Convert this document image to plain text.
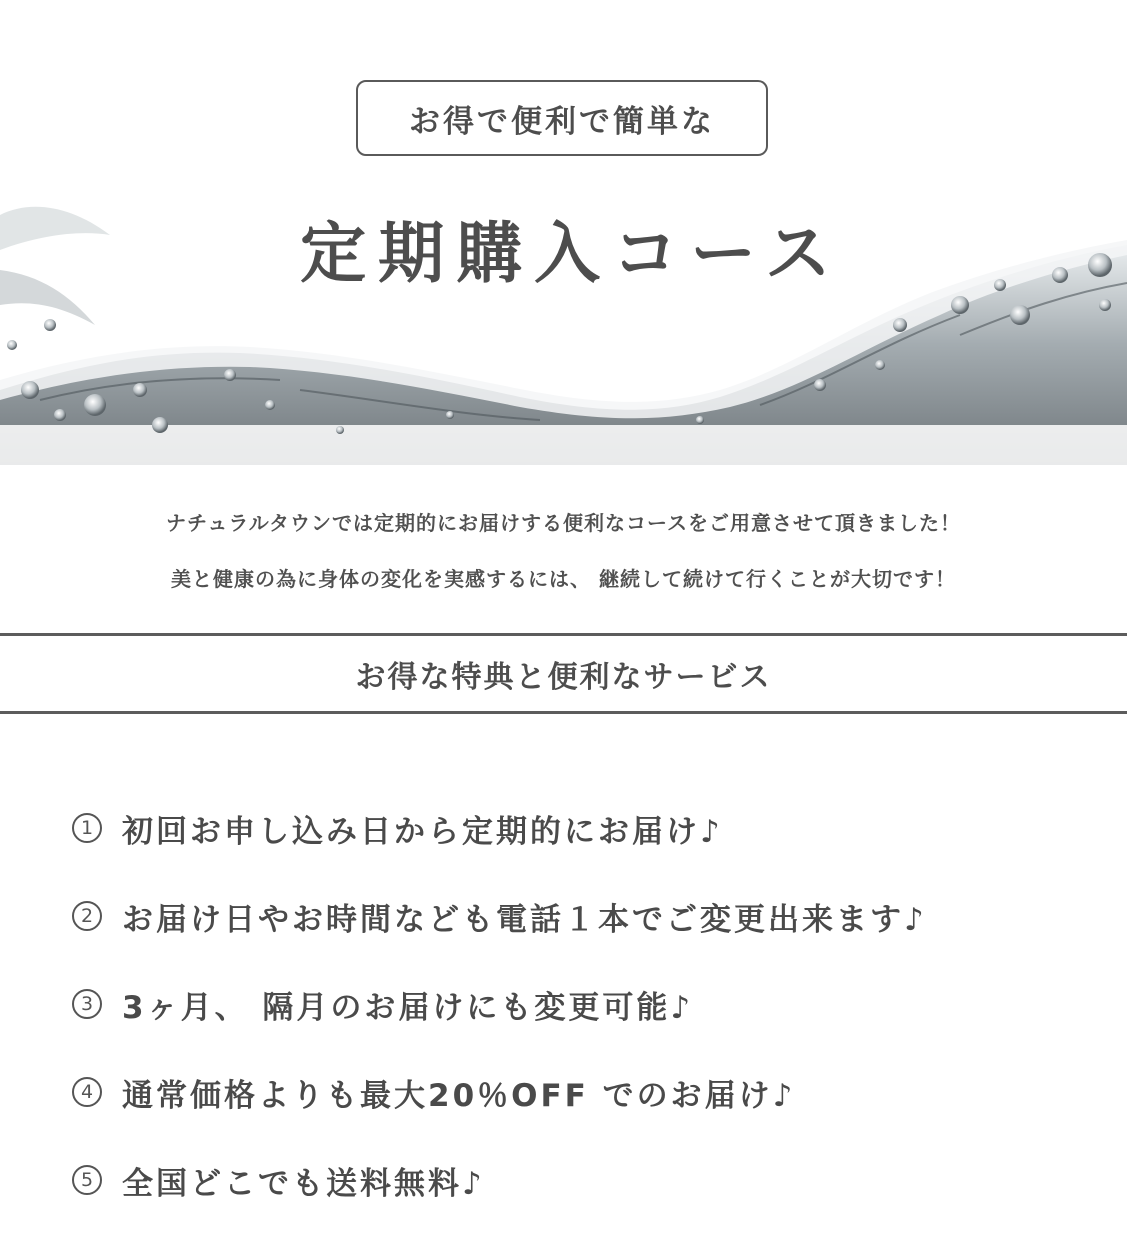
お得で便利で簡単な
定期購入コース
ナチュラルタウンでは定期的にお届けする便利なコースをご用意させて頂きました！
美と健康の為に身体の変化を実感するには、 継続して続けて行くことが大切です！
お得な特典と便利なサービス
1 初回お申し込み日から定期的にお届け♪
2 お届け日やお時間なども電話１本でご変更出来ます♪
3 3ヶ月、 隔月のお届けにも変更可能♪
4 通常価格よりも最大20％OFF でのお届け♪
5 全国どこでも送料無料♪
